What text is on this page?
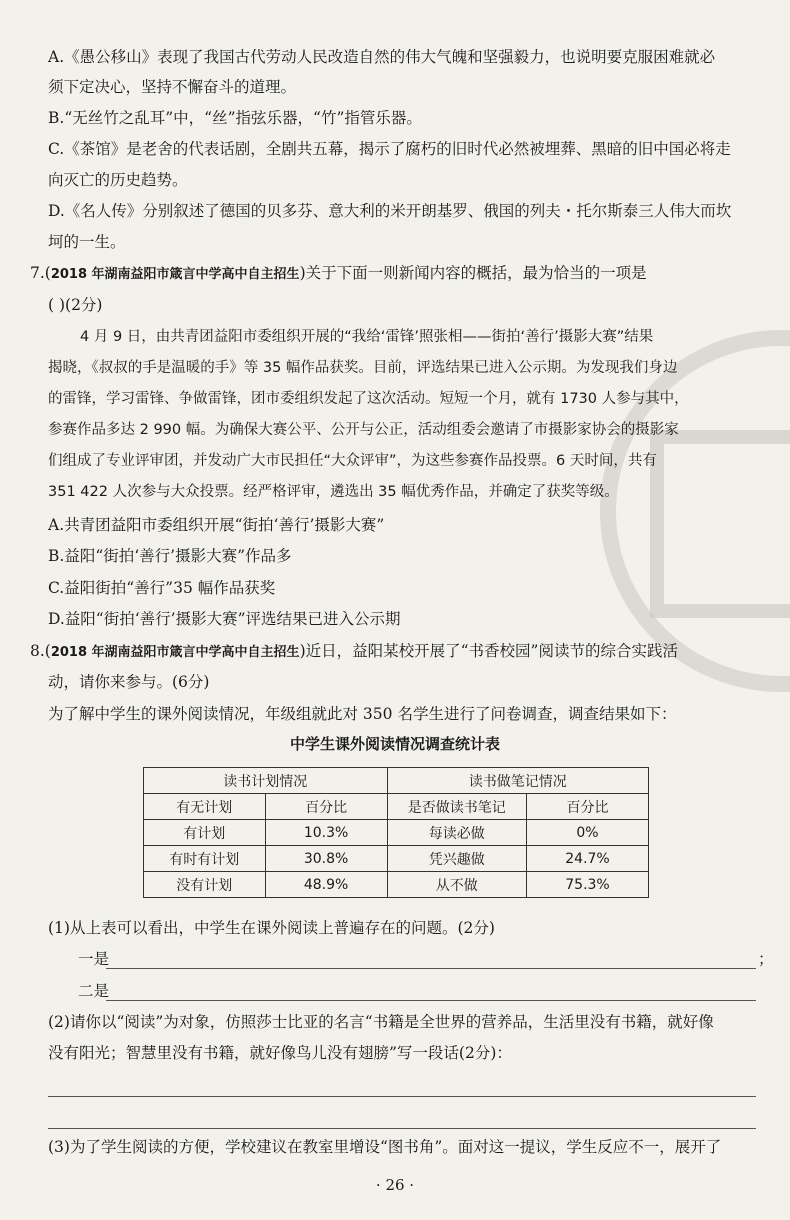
A.《愚公移山》表现了我国古代劳动人民改造自然的伟大气魄和坚强毅力，也说明要克服困难就必
须下定决心，坚持不懈奋斗的道理。
B.“无丝竹之乱耳”中，“丝”指弦乐器，“竹”指管乐器。
C.《茶馆》是老舍的代表话剧，全剧共五幕，揭示了腐朽的旧时代必然被埋葬、黑暗的旧中国必将走
向灭亡的历史趋势。
D.《名人传》分别叙述了德国的贝多芬、意大利的米开朗基罗、俄国的列夫・托尔斯泰三人伟大而坎
坷的一生。
7.(2018 年湖南益阳市箴言中学高中自主招生)关于下面一则新闻内容的概括，最为恰当的一项是
( )(2分)
4 月 9 日，由共青团益阳市委组织开展的“我给‘雷锋’照张相——街拍‘善行’摄影大赛”结果
揭晓，《叔叔的手是温暖的手》等 35 幅作品获奖。目前，评选结果已进入公示期。为发现我们身边
的雷锋，学习雷锋、争做雷锋，团市委组织发起了这次活动。短短一个月，就有 1730 人参与其中，
参赛作品多达 2 990 幅。为确保大赛公平、公开与公正，活动组委会邀请了市摄影家协会的摄影家
们组成了专业评审团，并发动广大市民担任“大众评审”，为这些参赛作品投票。6 天时间，共有
351 422 人次参与大众投票。经严格评审，遴选出 35 幅优秀作品，并确定了获奖等级。
A.共青团益阳市委组织开展“街拍‘善行’摄影大赛”
B.益阳“街拍‘善行’摄影大赛”作品多
C.益阳街拍“善行”35 幅作品获奖
D.益阳“街拍‘善行’摄影大赛”评选结果已进入公示期
8.(2018 年湖南益阳市箴言中学高中自主招生)近日，益阳某校开展了“书香校园”阅读节的综合实践活
动，请你来参与。(6分)
为了解中学生的课外阅读情况，年级组就此对 350 名学生进行了问卷调查，调查结果如下：
中学生课外阅读情况调查统计表
读书计划情况		读书做笔记情况	
有无计划	百分比	是否做读书笔记	百分比
有计划	10.3%	每读必做	0%
有时有计划	30.8%	凭兴趣做	24.7%
没有计划	48.9%	从不做	75.3%
(1)从上表可以看出，中学生在课外阅读上普遍存在的问题。(2分)
一是	；
二是
(2)请你以“阅读”为对象，仿照莎士比亚的名言“书籍是全世界的营养品，生活里没有书籍，就好像
没有阳光；智慧里没有书籍，就好像鸟儿没有翅膀”写一段话(2分)：
(3)为了学生阅读的方便，学校建议在教室里增设“图书角”。面对这一提议，学生反应不一，展开了
· 26 ·
